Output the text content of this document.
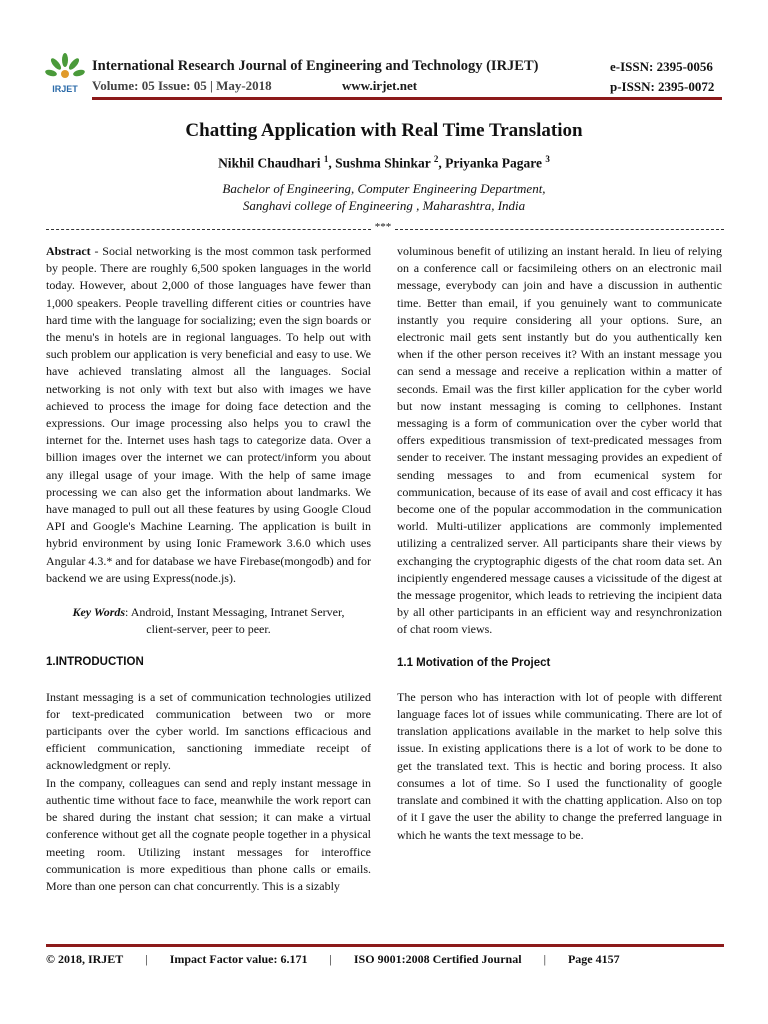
IRJET
International Research Journal of Engineering and Technology (IRJET)
Volume: 05 Issue: 05 | May-2018	www.irjet.net
e-ISSN: 2395-0056
p-ISSN: 2395-0072
Chatting Application with Real Time Translation
Nikhil Chaudhari $^1$, Sushma Shinkar $^2$, Priyanka Pagare $^3$
Bachelor of Engineering, Computer Engineering Department,
Sanghavi college of Engineering , Maharashtra, India
***

Abstract - Social networking is the most common task performed by people. There are roughly 6,500 spoken languages in the world today. However, about 2,000 of those languages have fewer than 1,000 speakers. People travelling different cities or countries have hard time with the language for socializing; even the sign boards or the menu's in hotels are in regional languages. To help out with such problem our application is very beneficial and easy to use. We have achieved translating almost all the languages. Social networking is not only with text but also with images we have achieved to process the image for doing face detection and the expressions. Our image processing also helps you to crawl the internet for the. Internet uses hash tags to categorize data. Over a billion images over the internet we can protect/inform you about any illegal usage of your image. With the help of same image processing we can also get the information about landmarks. We have managed to pull out all these features by using Google Cloud API and Google's Machine Learning. The application is built in hybrid environment by using Ionic Framework 3.6.0 which uses Angular 4.3.* and for database we have Firebase(mongodb) and for backend we are using Express(node.js).

Key Words: Android, Instant Messaging, Intranet Server,
client-server, peer to peer.

1.INTRODUCTION

Instant messaging is a set of communication technologies utilized for text-predicated communication between two or more participants over the cyber world. Im sanctions efficacious and efficient communication, sanctioning immediate receipt of acknowledgment or reply.

In the company, colleagues can send and reply instant message in authentic time without face to face, meanwhile the work report can be shared during the instant chat session; it can make a virtual conference without get all the cognate people together in a physical meeting room. Utilizing instant messages for interoffice communication is more expeditious than phone calls or emails. More than one person can chat concurrently. This is a sizably

voluminous benefit of utilizing an instant herald. In lieu of relying on a conference call or facsimileing others on an electronic mail message, everybody can join and have a discussion in authentic time. Better than email, if you genuinely want to communicate instantly you require considering all your options. Sure, an electronic mail gets sent instantly but do you authentically ken when if the other person receives it? With an instant message you can send a message and receive a replication within a matter of seconds. Email was the first killer application for the cyber world but now instant messaging is coming to cellphones. Instant messaging is a form of communication over the cyber world that offers expeditious transmission of text-predicated messages from sender to receiver. The instant messaging provides an expedient of sending messages to and from ecumenical system for communication, because of its ease of avail and cost efficacy it has become one of the popular accommodation in the communication world. Multi-utilizer applications are commonly implemented utilizing a centralized server. All participants share their views by exchanging the cryptographic digests of the chat room data set. An incipiently engendered message causes a vicissitude of the digest at the message progenitor, which leads to retrieving the incipient data by all other participants in an efficient way and resynchronization of chat room views.

1.1 Motivation of the Project

The person who has interaction with lot of people with different language faces lot of issues while communicating. There are lot of translation applications available in the market to help solve this issue. In existing applications there is a lot of work to be done to get the translated text. This is hectic and boring process. It also consumes a lot of time. So I used the functionality of google translate and combined it with the chatting application. Also on top of it I gave the user the ability to change the preferred language in which he wants the text message to be.

© 2018, IRJET | Impact Factor value: 6.171 | ISO 9001:2008 Certified Journal | Page 4157
